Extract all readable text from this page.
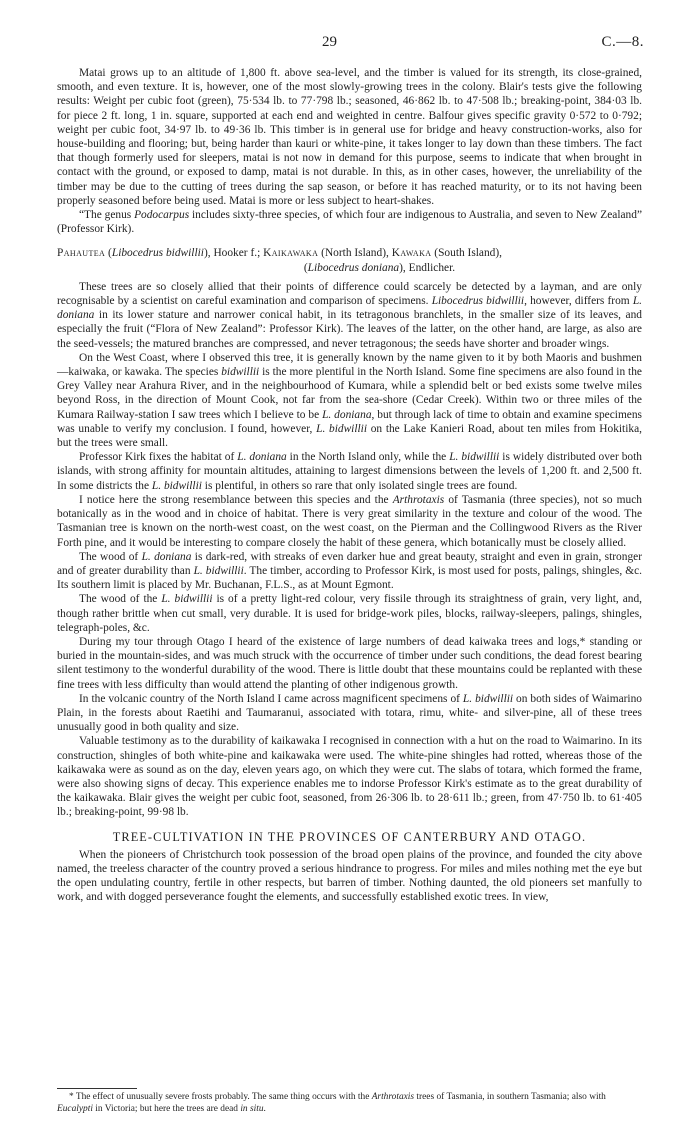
29	C.—8.

Matai grows up to an altitude of 1,800 ft. above sea-level, and the timber is valued for its strength, its close-grained, smooth, and even texture. It is, however, one of the most slowly-growing trees in the colony. Blair's tests give the following results: Weight per cubic foot (green), 75·534 lb. to 77·798 lb.; seasoned, 46·862 lb. to 47·508 lb.; breaking-point, 384·03 lb. for piece 2 ft. long, 1 in. square, supported at each end and weighted in centre. Balfour gives specific gravity 0·572 to 0·792; weight per cubic foot, 34·97 lb. to 49·36 lb. This timber is in general use for bridge and heavy construction-works, also for house-building and flooring; but, being harder than kauri or white-pine, it takes longer to lay down than these timbers. The fact that though formerly used for sleepers, matai is not now in demand for this purpose, seems to indicate that when brought in contact with the ground, or exposed to damp, matai is not durable. In this, as in other cases, however, the unreliability of the timber may be due to the cutting of trees during the sap season, or before it has reached maturity, or to its not having been properly seasoned before being used. Matai is more or less subject to heart-shakes.

“The genus Podocarpus includes sixty-three species, of which four are indigenous to Australia, and seven to New Zealand” (Professor Kirk).

Pahautea (Libocedrus bidwillii), Hooker f.; Kaikawaka (North Island), Kawaka (South Island),
(Libocedrus doniana), Endlicher.

These trees are so closely allied that their points of difference could scarcely be detected by a layman, and are only recognisable by a scientist on careful examination and comparison of specimens. Libocedrus bidwillii, however, differs from L. doniana in its lower stature and narrower conical habit, in its tetragonous branchlets, in the smaller size of its leaves, and especially the fruit (“Flora of New Zealand”: Professor Kirk). The leaves of the latter, on the other hand, are large, as also are the seed-vessels; the matured branches are compressed, and never tetragonous; the seeds have shorter and broader wings.

On the West Coast, where I observed this tree, it is generally known by the name given to it by both Maoris and bushmen—kaiwaka, or kawaka. The species bidwillii is the more plentiful in the North Island. Some fine specimens are also found in the Grey Valley near Arahura River, and in the neighbourhood of Kumara, while a splendid belt or bed exists some twelve miles beyond Ross, in the direction of Mount Cook, not far from the sea-shore (Cedar Creek). Within two or three miles of the Kumara Railway-station I saw trees which I believe to be L. doniana, but through lack of time to obtain and examine specimens was unable to verify my conclusion. I found, however, L. bidwillii on the Lake Kanieri Road, about ten miles from Hokitika, but the trees were small.

Professor Kirk fixes the habitat of L. doniana in the North Island only, while the L. bidwillii is widely distributed over both islands, with strong affinity for mountain altitudes, attaining to largest dimensions between the levels of 1,200 ft. and 2,500 ft. In some districts the L. bidwillii is plentiful, in others so rare that only isolated single trees are found.

I notice here the strong resemblance between this species and the Arthrotaxis of Tasmania (three species), not so much botanically as in the wood and in choice of habitat. There is very great similarity in the texture and colour of the wood. The Tasmanian tree is known on the north-west coast, on the west coast, on the Pierman and the Collingwood Rivers as the River Forth pine, and it would be interesting to compare closely the habit of these genera, which botanically must be closely allied.

The wood of L. doniana is dark-red, with streaks of even darker hue and great beauty, straight and even in grain, stronger and of greater durability than L. bidwillii. The timber, according to Professor Kirk, is most used for posts, palings, shingles, &c. Its southern limit is placed by Mr. Buchanan, F.L.S., as at Mount Egmont.

The wood of the L. bidwillii is of a pretty light-red colour, very fissile through its straightness of grain, very light, and, though rather brittle when cut small, very durable. It is used for bridge-work piles, blocks, railway-sleepers, palings, shingles, telegraph-poles, &c.

During my tour through Otago I heard of the existence of large numbers of dead kaiwaka trees and logs,* standing or buried in the mountain-sides, and was much struck with the occurrence of timber under such conditions, the dead forest bearing silent testimony to the wonderful durability of the wood. There is little doubt that these mountains could be replanted with these fine trees with less difficulty than would attend the planting of other indigenous growth.

In the volcanic country of the North Island I came across magnificent specimens of L. bidwillii on both sides of Waimarino Plain, in the forests about Raetihi and Taumaranui, associated with totara, rimu, white- and silver-pine, all of these trees unusually good in both quality and size.

Valuable testimony as to the durability of kaikawaka I recognised in connection with a hut on the road to Waimarino. In its construction, shingles of both white-pine and kaikawaka were used. The white-pine shingles had rotted, whereas those of the kaikawaka were as sound as on the day, eleven years ago, on which they were cut. The slabs of totara, which formed the frame, were also showing signs of decay. This experience enables me to indorse Professor Kirk's estimate as to the great durability of the kaikawaka. Blair gives the weight per cubic foot, seasoned, from 26·306 lb. to 28·611 lb.; green, from 47·750 lb. to 61·405 lb.; breaking-point, 99·98 lb.

TREE-CULTIVATION IN THE PROVINCES OF CANTERBURY AND OTAGO.

When the pioneers of Christchurch took possession of the broad open plains of the province, and founded the city above named, the treeless character of the country proved a serious hindrance to progress. For miles and miles nothing met the eye but the open undulating country, fertile in other respects, but barren of timber. Nothing daunted, the old pioneers set manfully to work, and with dogged perseverance fought the elements, and successfully established exotic trees. In view,

* The effect of unusually severe frosts probably. The same thing occurs with the Arthrotaxis trees of Tasmania, in southern Tasmania; also with Eucalypti in Victoria; but here the trees are dead in situ.
